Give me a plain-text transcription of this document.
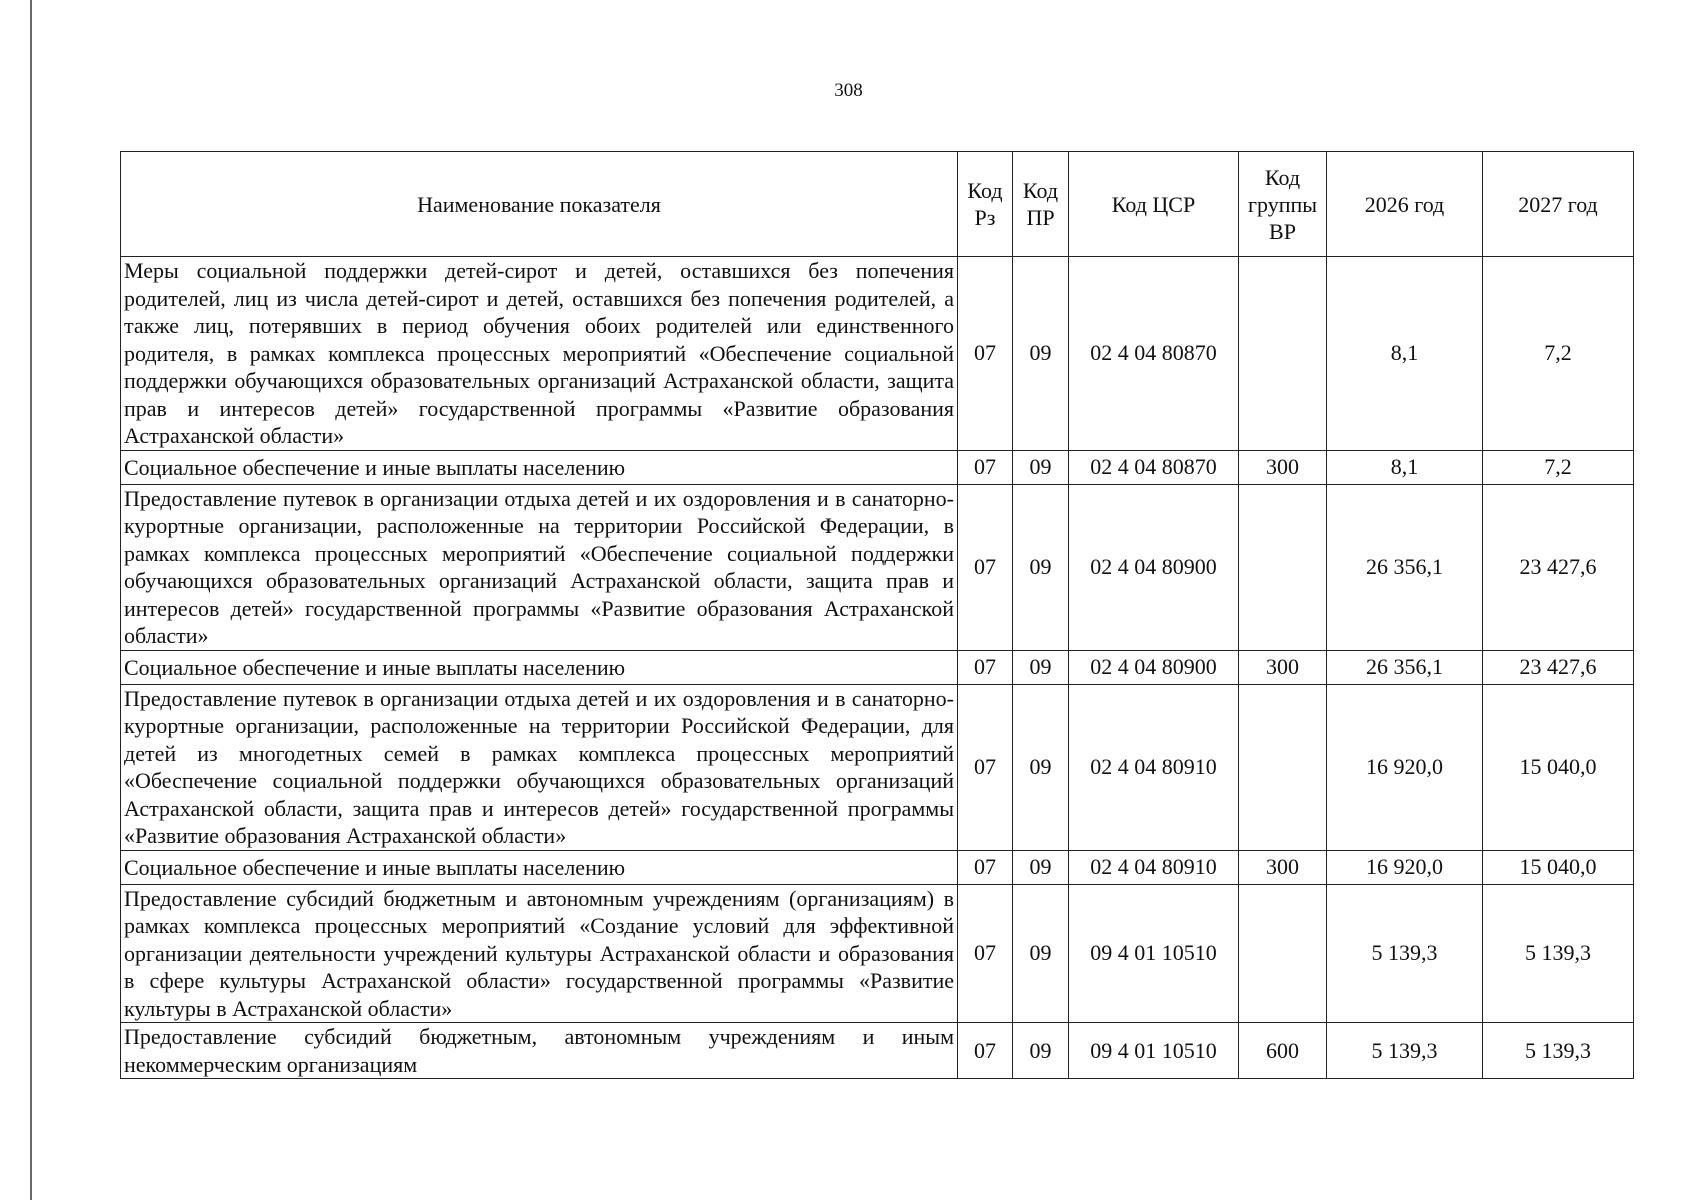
308
Наименование показателя	Код Рз	Код ПР	Код ЦСР	Код группы ВР	2026 год	2027 год
Меры социальной поддержки детей-сирот и детей, оставшихся без попечения родителей, лиц из числа детей-сирот и детей, оставшихся без попечения родителей, а также лиц, потерявших в период обучения обоих родителей или единственного родителя, в рамках комплекса процессных мероприятий «Обеспечение социальной поддержки обучающихся образовательных организаций Астраханской области, защита прав и интересов детей» государственной программы «Развитие образования Астраханской области»	07	09	02 4 04 80870		8,1	7,2
Социальное обеспечение и иные выплаты населению	07	09	02 4 04 80870	300	8,1	7,2
Предоставление путевок в организации отдыха детей и их оздоровления и в санаторно-курортные организации, расположенные на территории Российской Федерации, в рамках комплекса процессных мероприятий «Обеспечение социальной поддержки обучающихся образовательных организаций Астраханской области, защита прав и интересов детей» государственной программы «Развитие образования Астраханской области»	07	09	02 4 04 80900		26 356,1	23 427,6
Социальное обеспечение и иные выплаты населению	07	09	02 4 04 80900	300	26 356,1	23 427,6
Предоставление путевок в организации отдыха детей и их оздоровления и в санаторно-курортные организации, расположенные на территории Российской Федерации, для детей из многодетных семей в рамках комплекса процессных мероприятий «Обеспечение социальной поддержки обучающихся образовательных организаций Астраханской области, защита прав и интересов детей» государственной программы «Развитие образования Астраханской области»	07	09	02 4 04 80910		16 920,0	15 040,0
Социальное обеспечение и иные выплаты населению	07	09	02 4 04 80910	300	16 920,0	15 040,0
Предоставление субсидий бюджетным и автономным учреждениям (организациям) в рамках комплекса процессных мероприятий «Создание условий для эффективной организации деятельности учреждений культуры Астраханской области и образования в сфере культуры Астраханской области» государственной программы «Развитие культуры в Астраханской области»	07	09	09 4 01 10510		5 139,3	5 139,3
Предоставление субсидий бюджетным, автономным учреждениям и иным некоммерческим организациям	07	09	09 4 01 10510	600	5 139,3	5 139,3
